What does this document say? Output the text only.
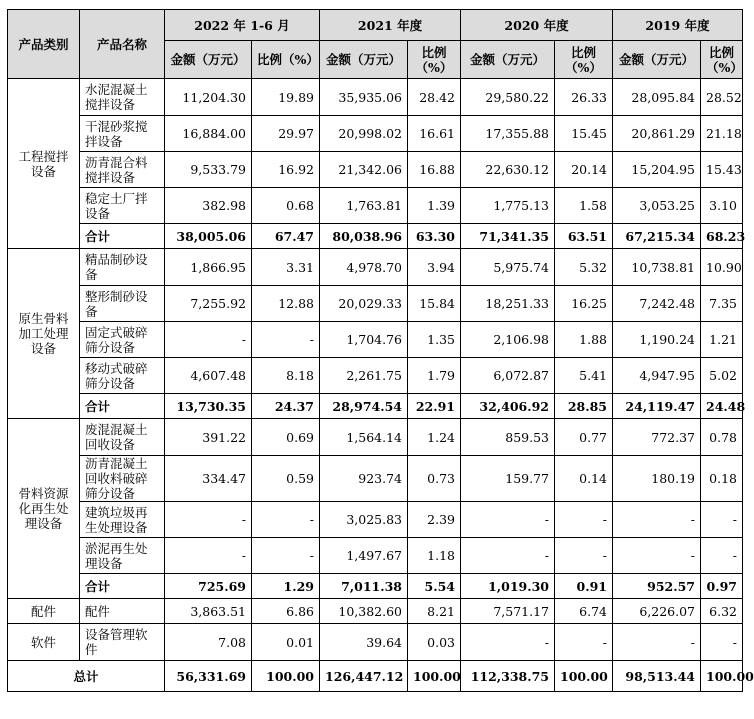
产品类别	产品名称	2022 年 1-6 月		2021 年度		2020 年度		2019 年度	
		金额（万元）	比例（%）	金额（万元）	比例（%）	金额（万元）	比例（%）	金额（万元）	比例（%）
工程搅拌设备	水泥混凝土搅拌设备	11,204.30	19.89	35,935.06	28.42	29,580.22	26.33	28,095.84	28.52
	干混砂浆搅拌设备	16,884.00	29.97	20,998.02	16.61	17,355.88	15.45	20,861.29	21.18
	沥青混合料搅拌设备	9,533.79	16.92	21,342.06	16.88	22,630.12	20.14	15,204.95	15.43
	稳定土厂拌设备	382.98	0.68	1,763.81	1.39	1,775.13	1.58	3,053.25	3.10
	合计	38,005.06	67.47	80,038.96	63.30	71,341.35	63.51	67,215.34	68.23
原生骨料加工处理设备	精品制砂设备	1,866.95	3.31	4,978.70	3.94	5,975.74	5.32	10,738.81	10.90
	整形制砂设备	7,255.92	12.88	20,029.33	15.84	18,251.33	16.25	7,242.48	7.35
	固定式破碎筛分设备	-	-	1,704.76	1.35	2,106.98	1.88	1,190.24	1.21
	移动式破碎筛分设备	4,607.48	8.18	2,261.75	1.79	6,072.87	5.41	4,947.95	5.02
	合计	13,730.35	24.37	28,974.54	22.91	32,406.92	28.85	24,119.47	24.48
骨料资源化再生处理设备	废混混凝土回收设备	391.22	0.69	1,564.14	1.24	859.53	0.77	772.37	0.78
	沥青混凝土回收料破碎筛分设备	334.47	0.59	923.74	0.73	159.77	0.14	180.19	0.18
	建筑垃圾再生处理设备	-	-	3,025.83	2.39	-	-	-	-
	淤泥再生处理设备	-	-	1,497.67	1.18	-	-	-	-
	合计	725.69	1.29	7,011.38	5.54	1,019.30	0.91	952.57	0.97
配件	配件	3,863.51	6.86	10,382.60	8.21	7,571.17	6.74	6,226.07	6.32
软件	设备管理软件	7.08	0.01	39.64	0.03	-	-	-	-
总计		56,331.69	100.00	126,447.12	100.00	112,338.75	100.00	98,513.44	100.00
